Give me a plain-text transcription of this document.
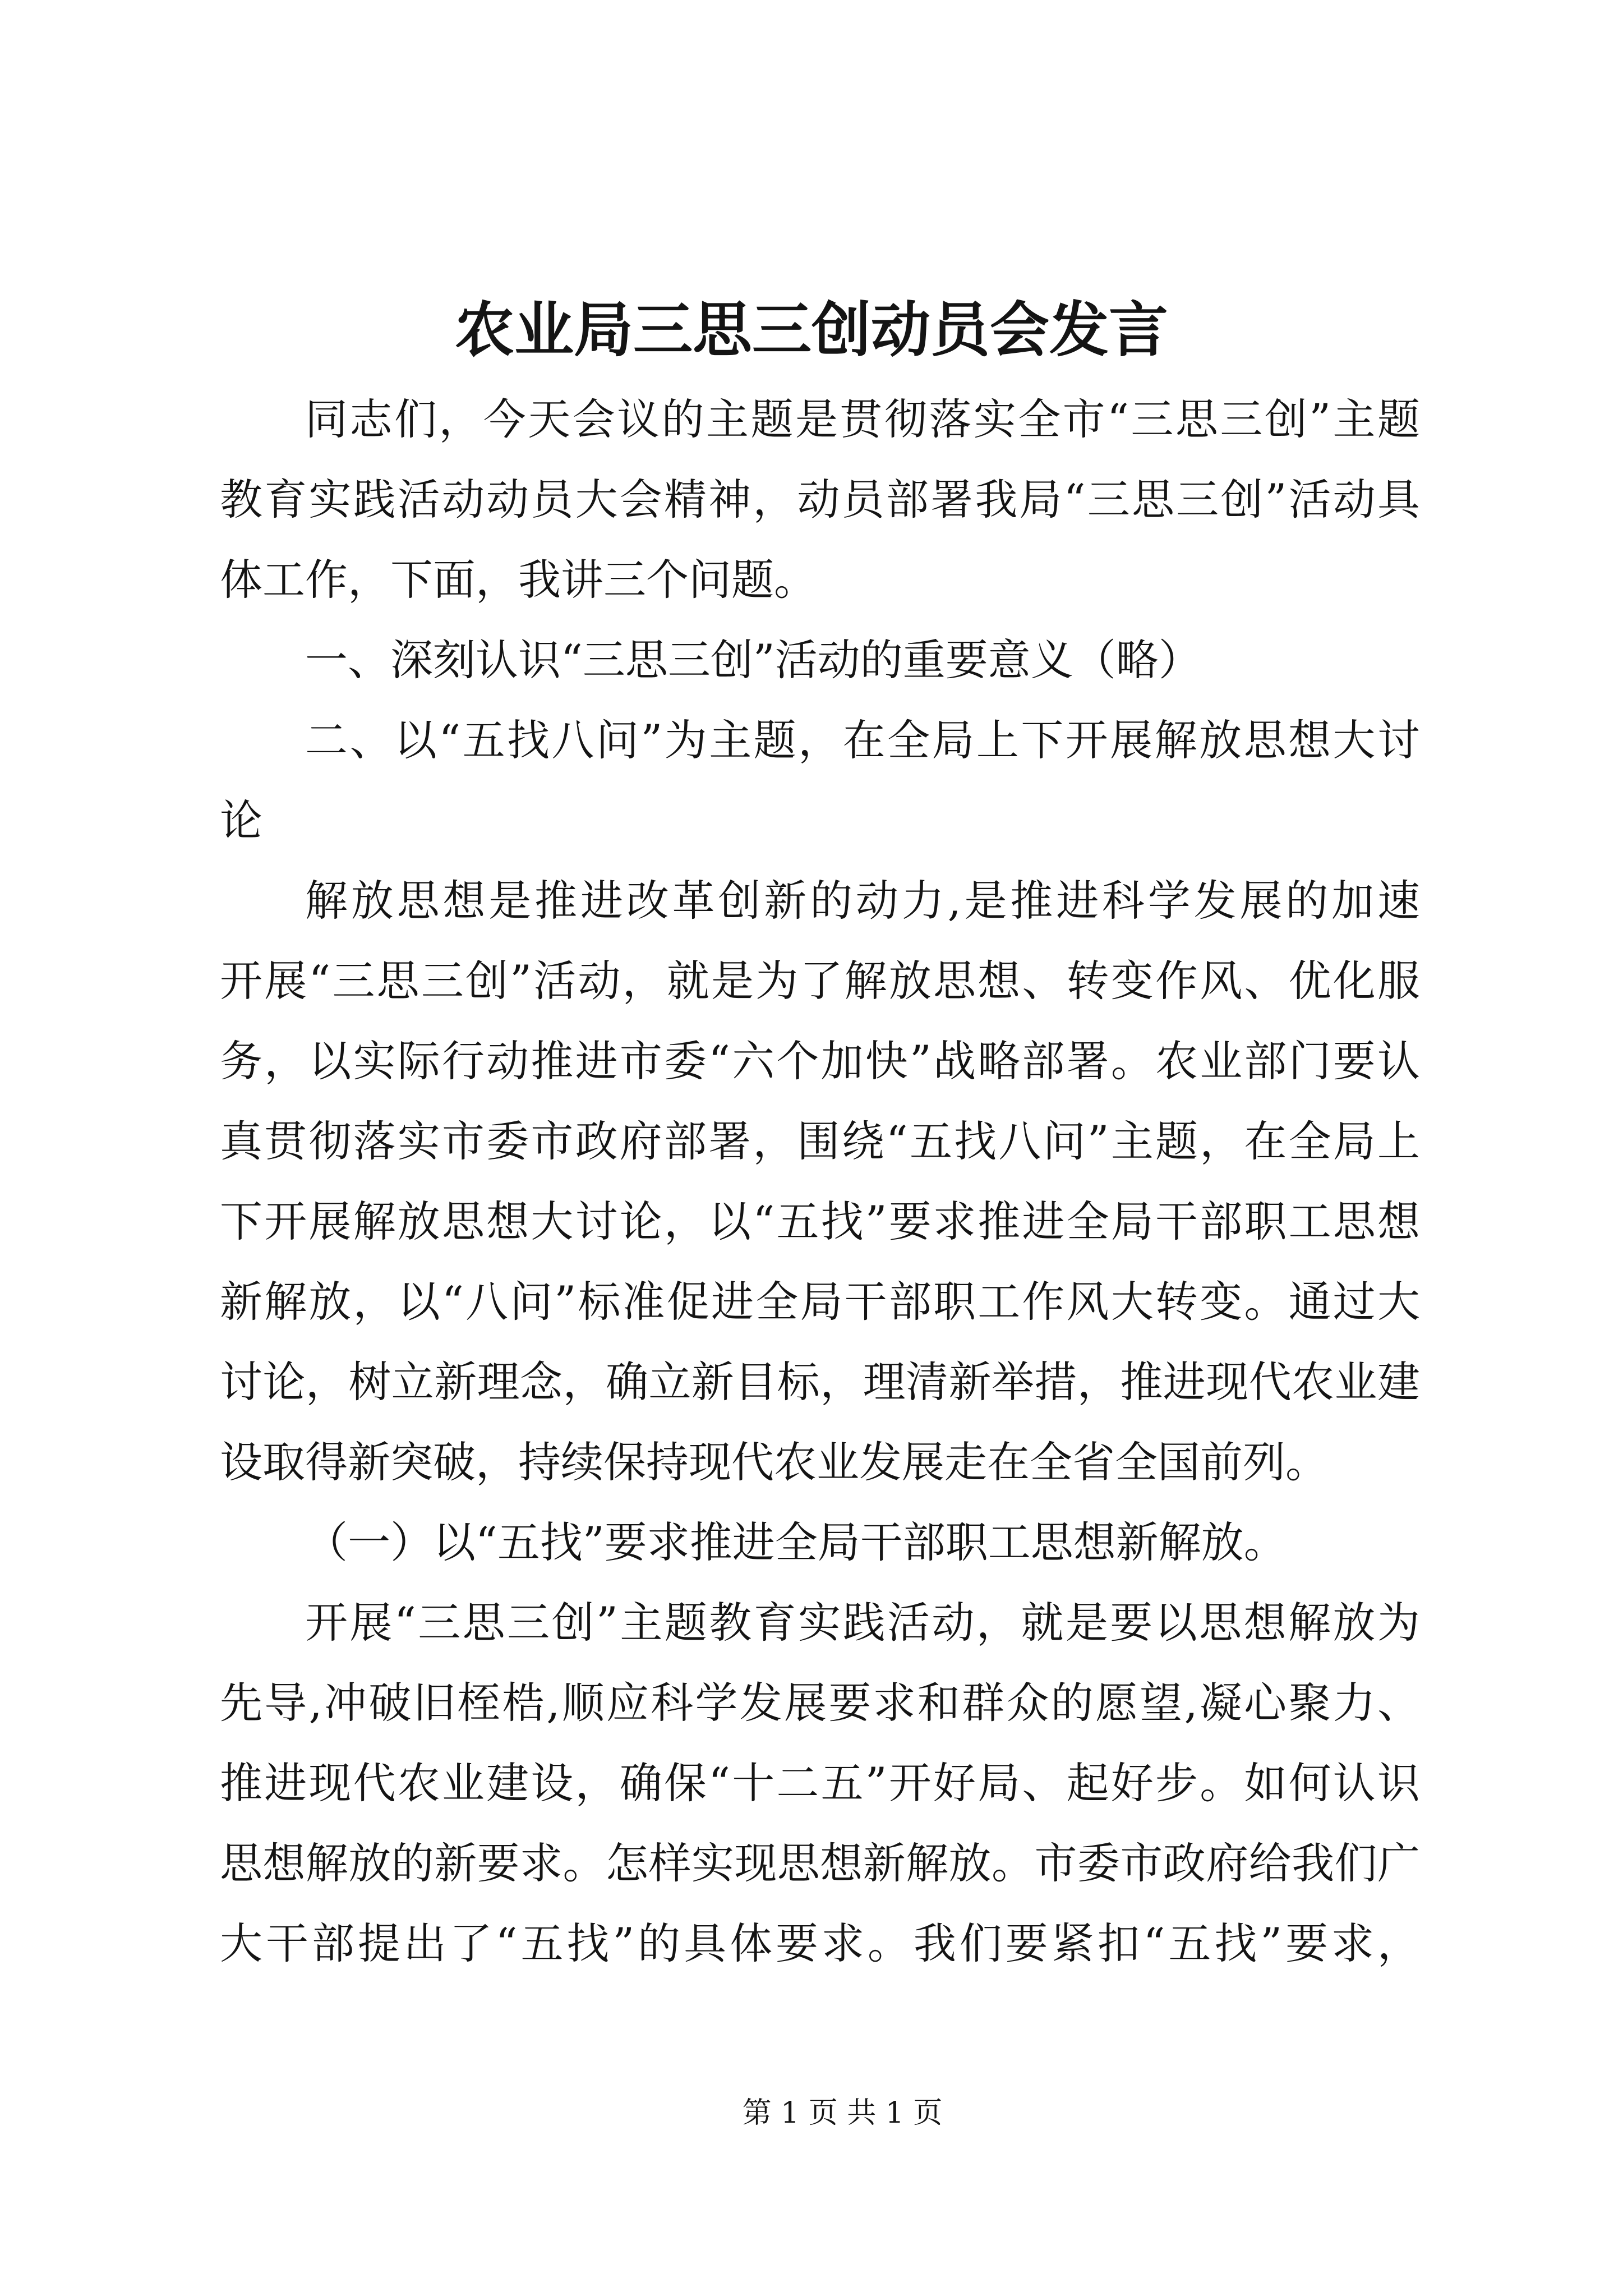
农业局三思三创动员会发言
同志们，今天会议的主题是贯彻落实全市“三思三创”主题
教育实践活动动员大会精神，动员部署我局“三思三创”活动具
体工作，下面，我讲三个问题。
一、深刻认识“三思三创”活动的重要意义（略）
二、以“五找八问”为主题，在全局上下开展解放思想大讨
论
解放思想是推进改革创新的动力,是推进科学发展的加速
开展“三思三创”活动，就是为了解放思想、转变作风、优化服
务，以实际行动推进市委“六个加快”战略部署。农业部门要认
真贯彻落实市委市政府部署，围绕“五找八问”主题，在全局上
下开展解放思想大讨论，以“五找”要求推进全局干部职工思想
新解放，以“八问”标准促进全局干部职工作风大转变。通过大
讨论，树立新理念，确立新目标，理清新举措，推进现代农业建
设取得新突破，持续保持现代农业发展走在全省全国前列。
（一）以“五找”要求推进全局干部职工思想新解放。
开展“三思三创”主题教育实践活动，就是要以思想解放为
先导,冲破旧桎梏,顺应科学发展要求和群众的愿望,凝心聚力、
推进现代农业建设，确保“十二五”开好局、起好步。如何认识
思想解放的新要求。怎样实现思想新解放。市委市政府给我们广
大干部提出了“五找”的具体要求。我们要紧扣“五找”要求，
第 1 页 共 1 页
